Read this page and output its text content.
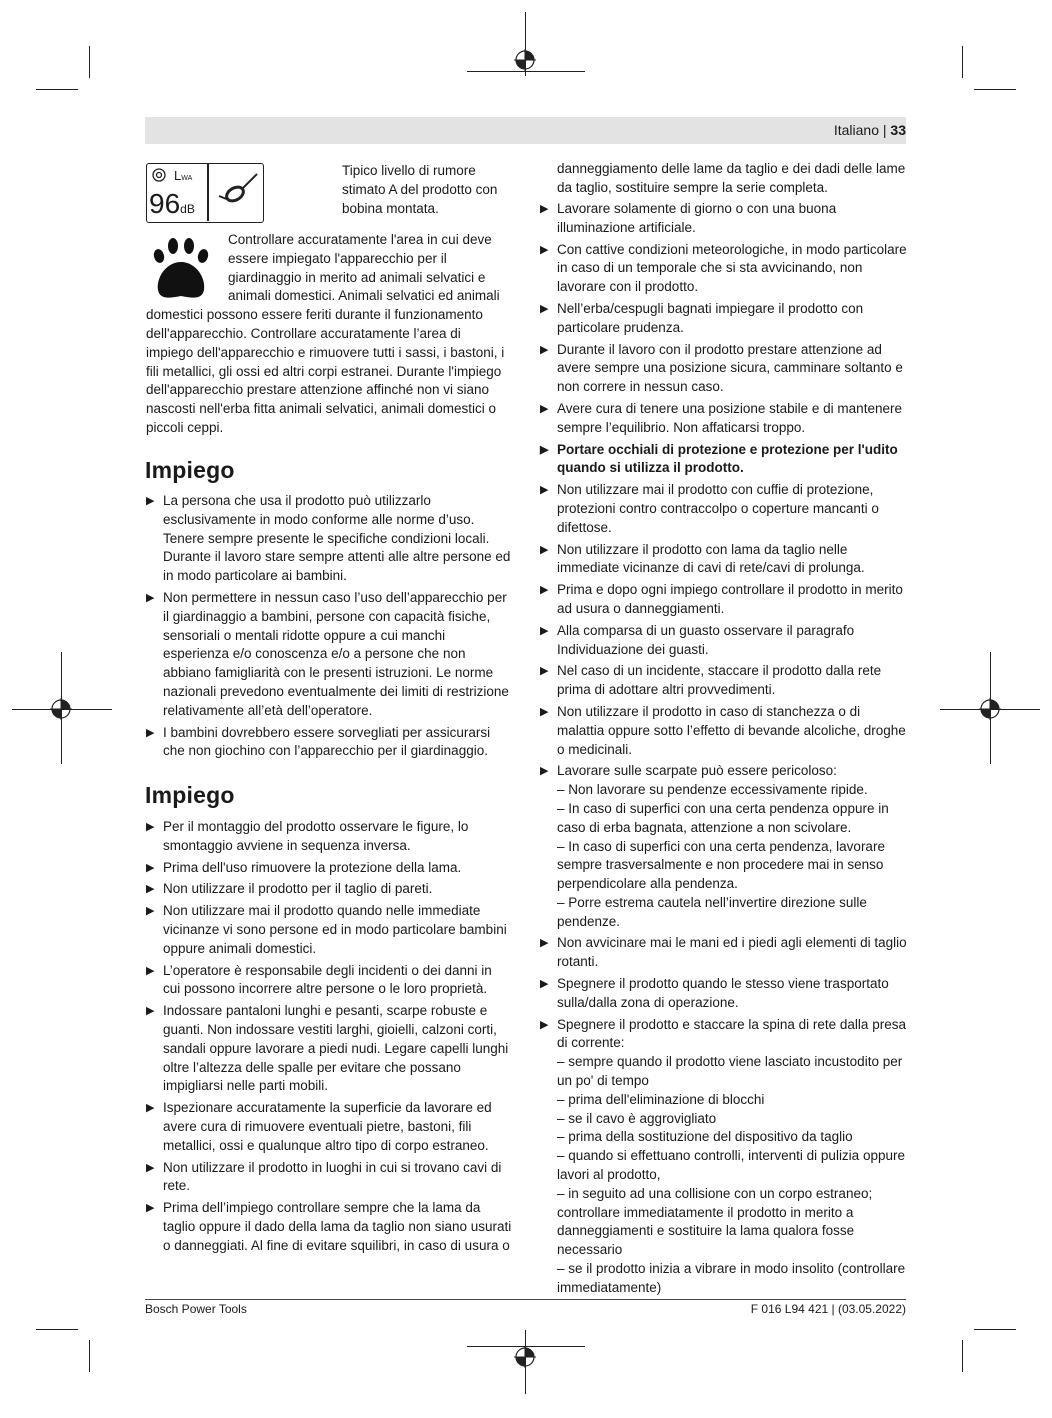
Italiano | 33
LWA
96dB
Tipico livello di rumore stimato A del prodotto con bobina montata.
Controllare accuratamente l'area in cui deve essere impiegato l'apparecchio per il giardinaggio in merito ad animali selvatici e animali domestici. Animali selvatici ed animali domestici possono essere feriti durante il funzionamento dell'apparecchio. Controllare accuratamente l’area di impiego dell'apparecchio e rimuovere tutti i sassi, i bastoni, i fili metallici, gli ossi ed altri corpi estranei. Durante l'impiego dell'apparecchio prestare attenzione affinché non vi siano nascosti nell'erba fitta animali selvatici, animali domestici o piccoli ceppi.
Impiego
▶ La persona che usa il prodotto può utilizzarlo esclusivamente in modo conforme alle norme d’uso. Tenere sempre presente le specifiche condizioni locali. Durante il lavoro stare sempre attenti alle altre persone ed in modo particolare ai bambini.
▶ Non permettere in nessun caso l’uso dell’apparecchio per il giardinaggio a bambini, persone con capacità fisiche, sensoriali o mentali ridotte oppure a cui manchi esperienza e/o conoscenza e/o a persone che non abbiano famigliarità con le presenti istruzioni. Le norme nazionali prevedono eventualmente dei limiti di restrizione relativamente all’età dell’operatore.
▶ I bambini dovrebbero essere sorvegliati per assicurarsi che non giochino con l’apparecchio per il giardinaggio.
Impiego
▶ Per il montaggio del prodotto osservare le figure, lo smontaggio avviene in sequenza inversa.
▶ Prima dell'uso rimuovere la protezione della lama.
▶ Non utilizzare il prodotto per il taglio di pareti.
▶ Non utilizzare mai il prodotto quando nelle immediate vicinanze vi sono persone ed in modo particolare bambini oppure animali domestici.
▶ L’operatore è responsabile degli incidenti o dei danni in cui possono incorrere altre persone o le loro proprietà.
▶ Indossare pantaloni lunghi e pesanti, scarpe robuste e guanti. Non indossare vestiti larghi, gioielli, calzoni corti, sandali oppure lavorare a piedi nudi. Legare capelli lunghi oltre l’altezza delle spalle per evitare che possano impigliarsi nelle parti mobili.
▶ Ispezionare accuratamente la superficie da lavorare ed avere cura di rimuovere eventuali pietre, bastoni, fili metallici, ossi e qualunque altro tipo di corpo estraneo.
▶ Non utilizzare il prodotto in luoghi in cui si trovano cavi di rete.
▶ Prima dell’impiego controllare sempre che la lama da taglio oppure il dado della lama da taglio non siano usurati o danneggiati. Al fine di evitare squilibri, in caso di usura o
danneggiamento delle lame da taglio e dei dadi delle lame da taglio, sostituire sempre la serie completa.
▶ Lavorare solamente di giorno o con una buona illuminazione artificiale.
▶ Con cattive condizioni meteorologiche, in modo particolare in caso di un temporale che si sta avvicinando, non lavorare con il prodotto.
▶ Nell’erba/cespugli bagnati impiegare il prodotto con particolare prudenza.
▶ Durante il lavoro con il prodotto prestare attenzione ad avere sempre una posizione sicura, camminare soltanto e non correre in nessun caso.
▶ Avere cura di tenere una posizione stabile e di mantenere sempre l’equilibrio. Non affaticarsi troppo.
▶ Portare occhiali di protezione e protezione per l'udito quando si utilizza il prodotto.
▶ Non utilizzare mai il prodotto con cuffie di protezione, protezioni contro contraccolpo o coperture mancanti o difettose.
▶ Non utilizzare il prodotto con lama da taglio nelle immediate vicinanze di cavi di rete/cavi di prolunga.
▶ Prima e dopo ogni impiego controllare il prodotto in merito ad usura o danneggiamenti.
▶ Alla comparsa di un guasto osservare il paragrafo Individuazione dei guasti.
▶ Nel caso di un incidente, staccare il prodotto dalla rete prima di adottare altri provvedimenti.
▶ Non utilizzare il prodotto in caso di stanchezza o di malattia oppure sotto l’effetto di bevande alcoliche, droghe o medicinali.
▶ Lavorare sulle scarpate può essere pericoloso:
– Non lavorare su pendenze eccessivamente ripide.
– In caso di superfici con una certa pendenza oppure in caso di erba bagnata, attenzione a non scivolare.
– In caso di superfici con una certa pendenza, lavorare sempre trasversalmente e non procedere mai in senso perpendicolare alla pendenza.
– Porre estrema cautela nell’invertire direzione sulle pendenze.
▶ Non avvicinare mai le mani ed i piedi agli elementi di taglio rotanti.
▶ Spegnere il prodotto quando le stesso viene trasportato sulla/dalla zona di operazione.
▶ Spegnere il prodotto e staccare la spina di rete dalla presa di corrente:
– sempre quando il prodotto viene lasciato incustodito per un po' di tempo
– prima dell'eliminazione di blocchi
– se il cavo è aggrovigliato
– prima della sostituzione del dispositivo da taglio
– quando si effettuano controlli, interventi di pulizia oppure lavori al prodotto,
– in seguito ad una collisione con un corpo estraneo; controllare immediatamente il prodotto in merito a danneggiamenti e sostituire la lama qualora fosse necessario
– se il prodotto inizia a vibrare in modo insolito (controllare immediatamente)
Bosch Power Tools	F 016 L94 421 | (03.05.2022)
